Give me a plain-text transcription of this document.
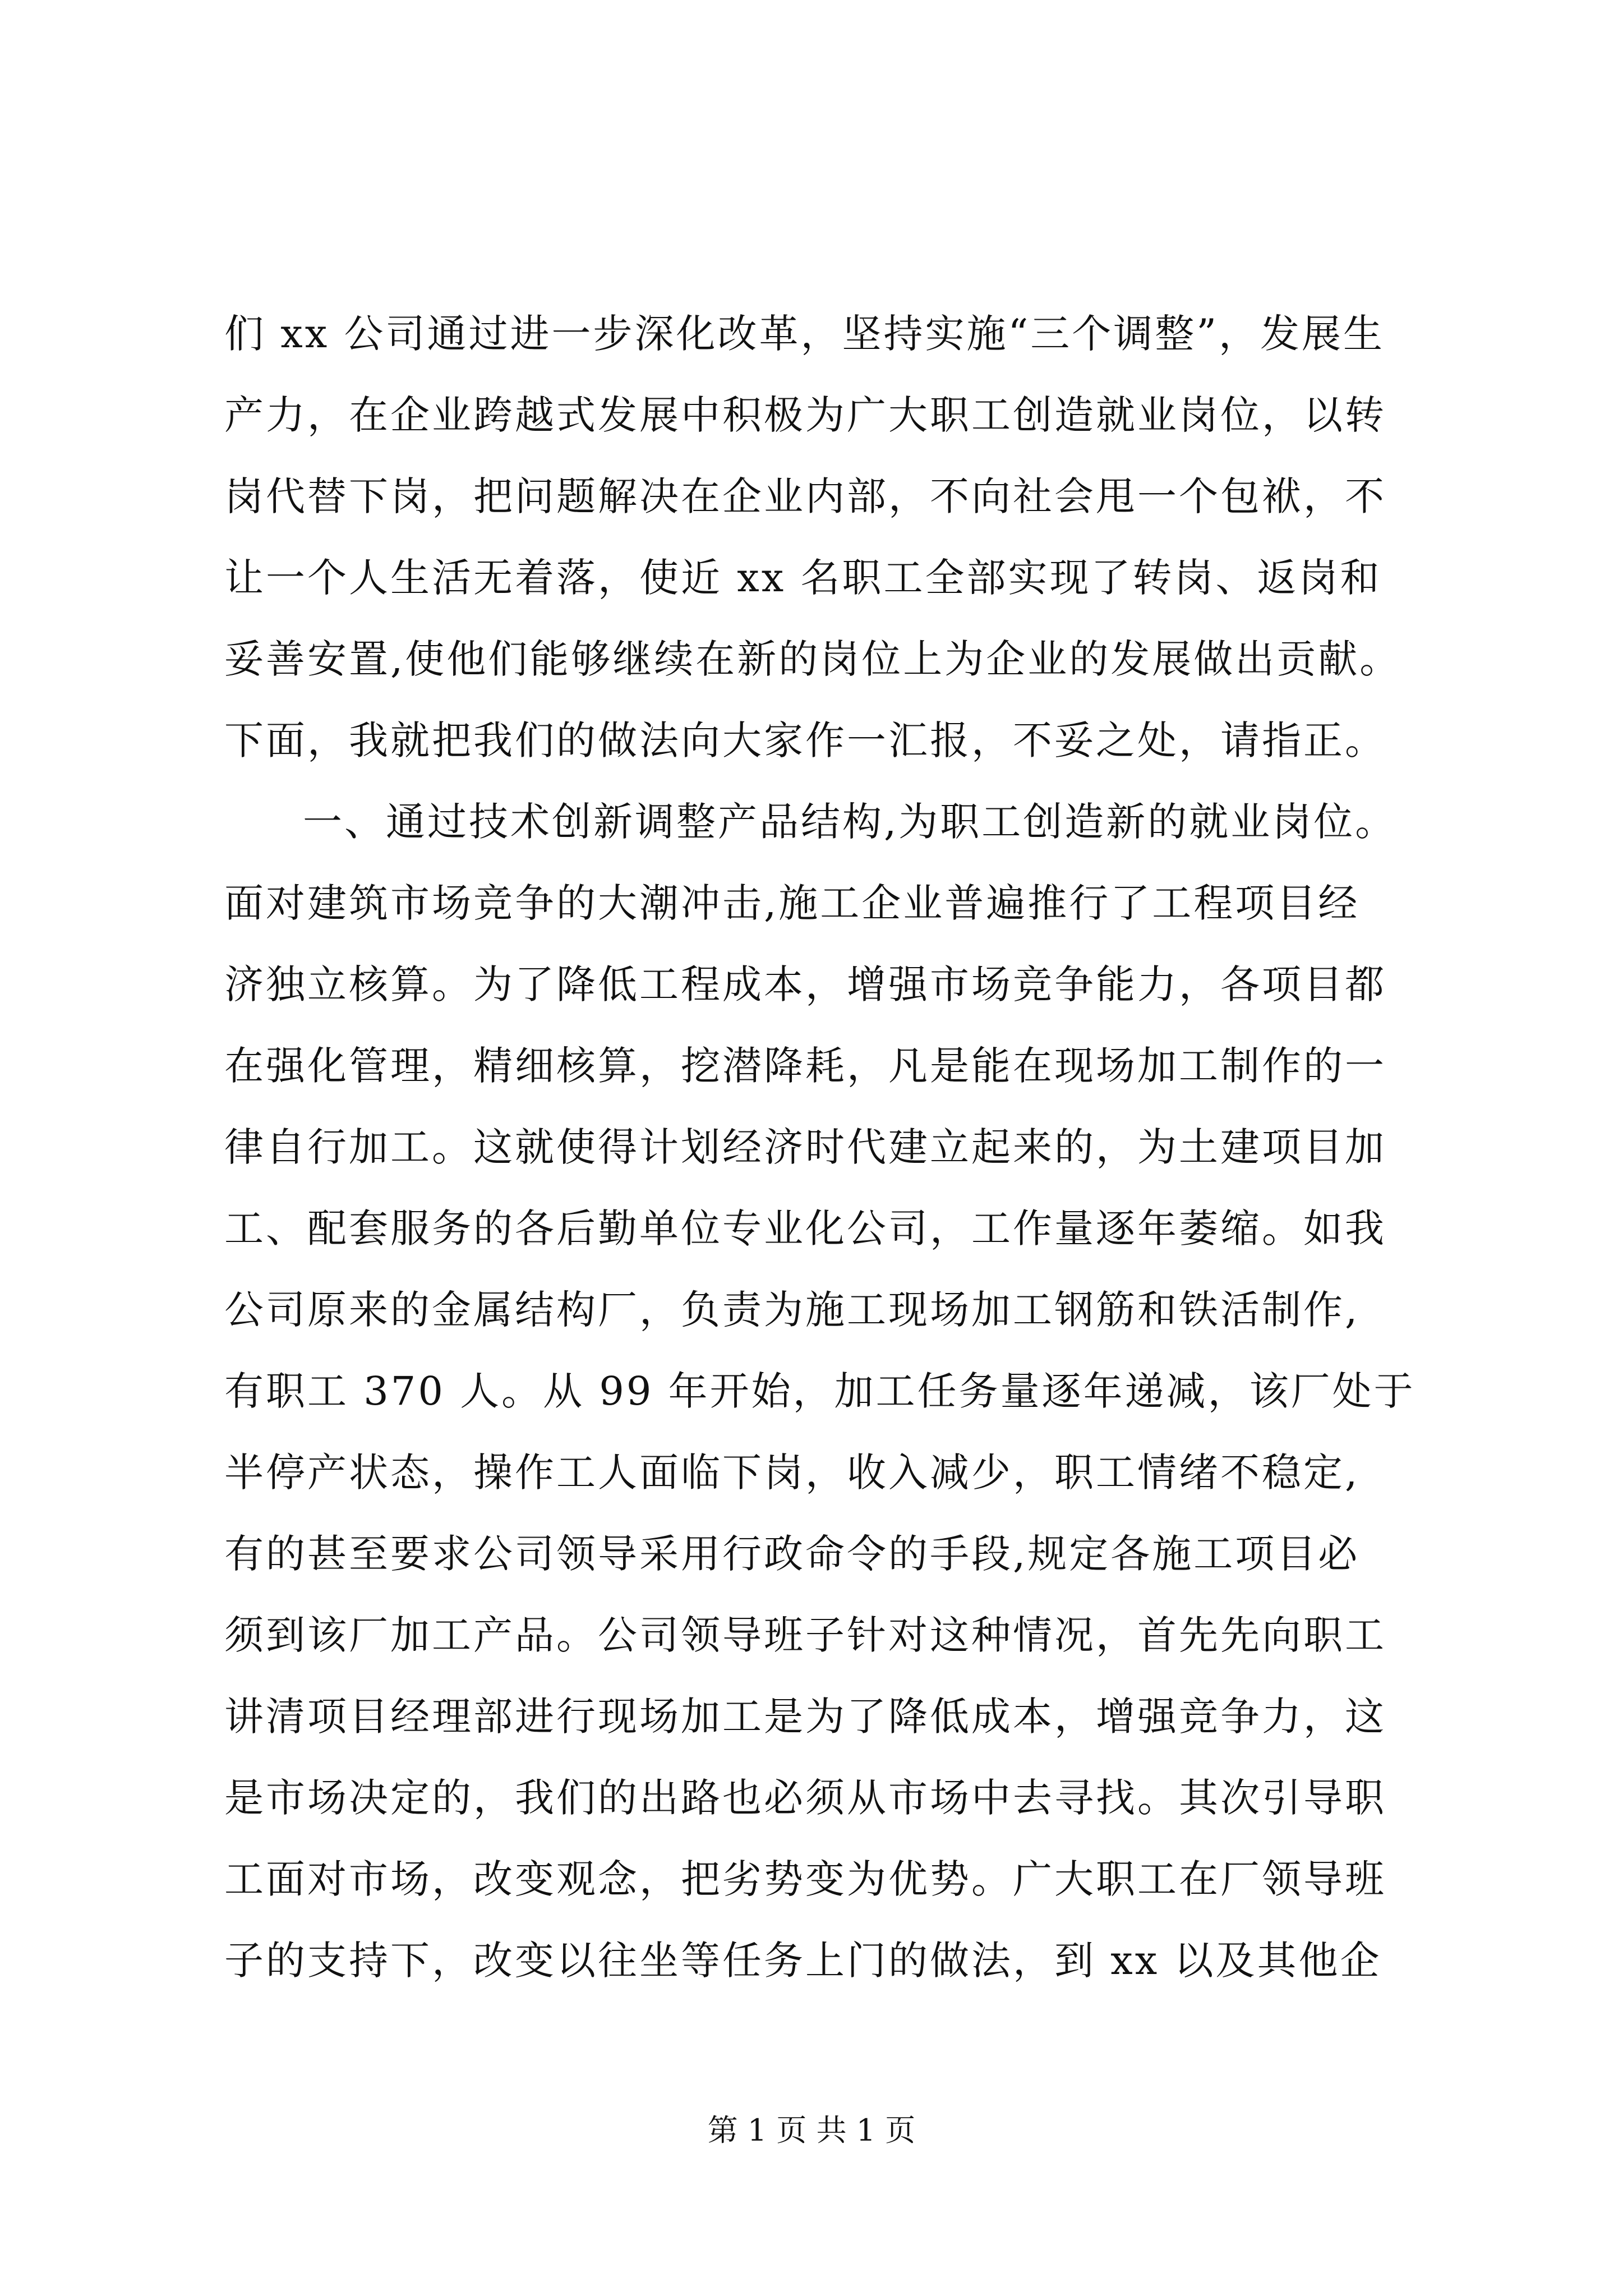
们 xx 公司通过进一步深化改革，坚持实施“三个调整”，发展生
产力，在企业跨越式发展中积极为广大职工创造就业岗位，以转
岗代替下岗，把问题解决在企业内部，不向社会甩一个包袱，不
让一个人生活无着落，使近 xx 名职工全部实现了转岗、返岗和
妥善安置,使他们能够继续在新的岗位上为企业的发展做出贡献。
下面，我就把我们的做法向大家作一汇报，不妥之处，请指正。
一、通过技术创新调整产品结构,为职工创造新的就业岗位。
面对建筑市场竞争的大潮冲击,施工企业普遍推行了工程项目经
济独立核算。为了降低工程成本，增强市场竞争能力，各项目都
在强化管理，精细核算，挖潜降耗，凡是能在现场加工制作的一
律自行加工。这就使得计划经济时代建立起来的，为土建项目加
工、配套服务的各后勤单位专业化公司，工作量逐年萎缩。如我
公司原来的金属结构厂，负责为施工现场加工钢筋和铁活制作,
有职工 370 人。从 99 年开始，加工任务量逐年递减，该厂处于
半停产状态，操作工人面临下岗，收入减少，职工情绪不稳定,
有的甚至要求公司领导采用行政命令的手段,规定各施工项目必
须到该厂加工产品。公司领导班子针对这种情况，首先先向职工
讲清项目经理部进行现场加工是为了降低成本，增强竞争力，这
是市场决定的，我们的出路也必须从市场中去寻找。其次引导职
工面对市场，改变观念，把劣势变为优势。广大职工在厂领导班
子的支持下，改变以往坐等任务上门的做法，到 xx 以及其他企
第 1 页 共 1 页
